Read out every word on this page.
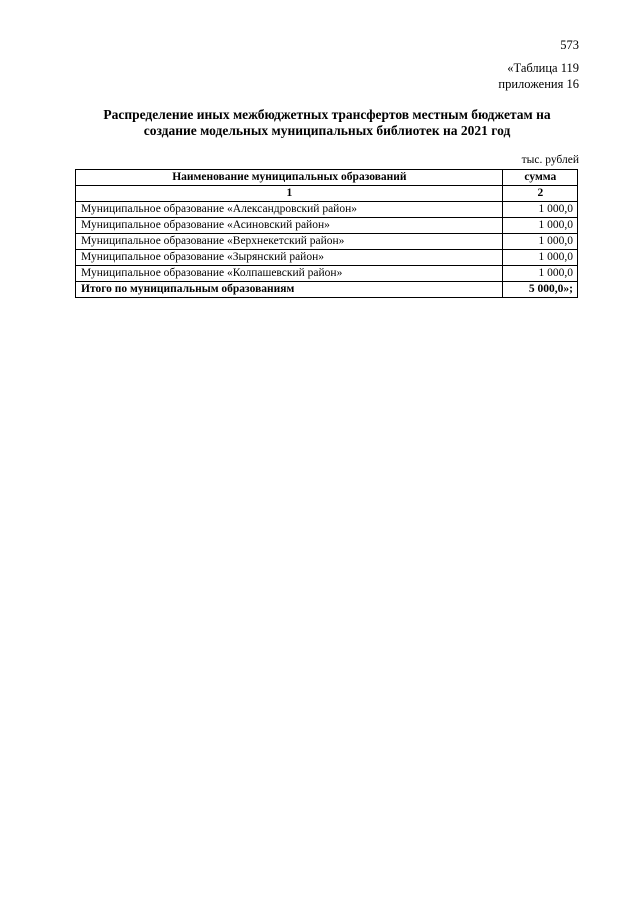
573
«Таблица 119
приложения 16
Распределение иных межбюджетных трансфертов местным бюджетам на
создание модельных муниципальных библиотек на 2021 год
тыс. рублей
Наименование муниципальных образований	сумма
1	2
Муниципальное образование «Александровский район»	1 000,0
Муниципальное образование «Асиновский район»	1 000,0
Муниципальное образование «Верхнекетский район»	1 000,0
Муниципальное образование «Зырянский район»	1 000,0
Муниципальное образование «Колпашевский район»	1 000,0
Итого по муниципальным образованиям	5 000,0»;
